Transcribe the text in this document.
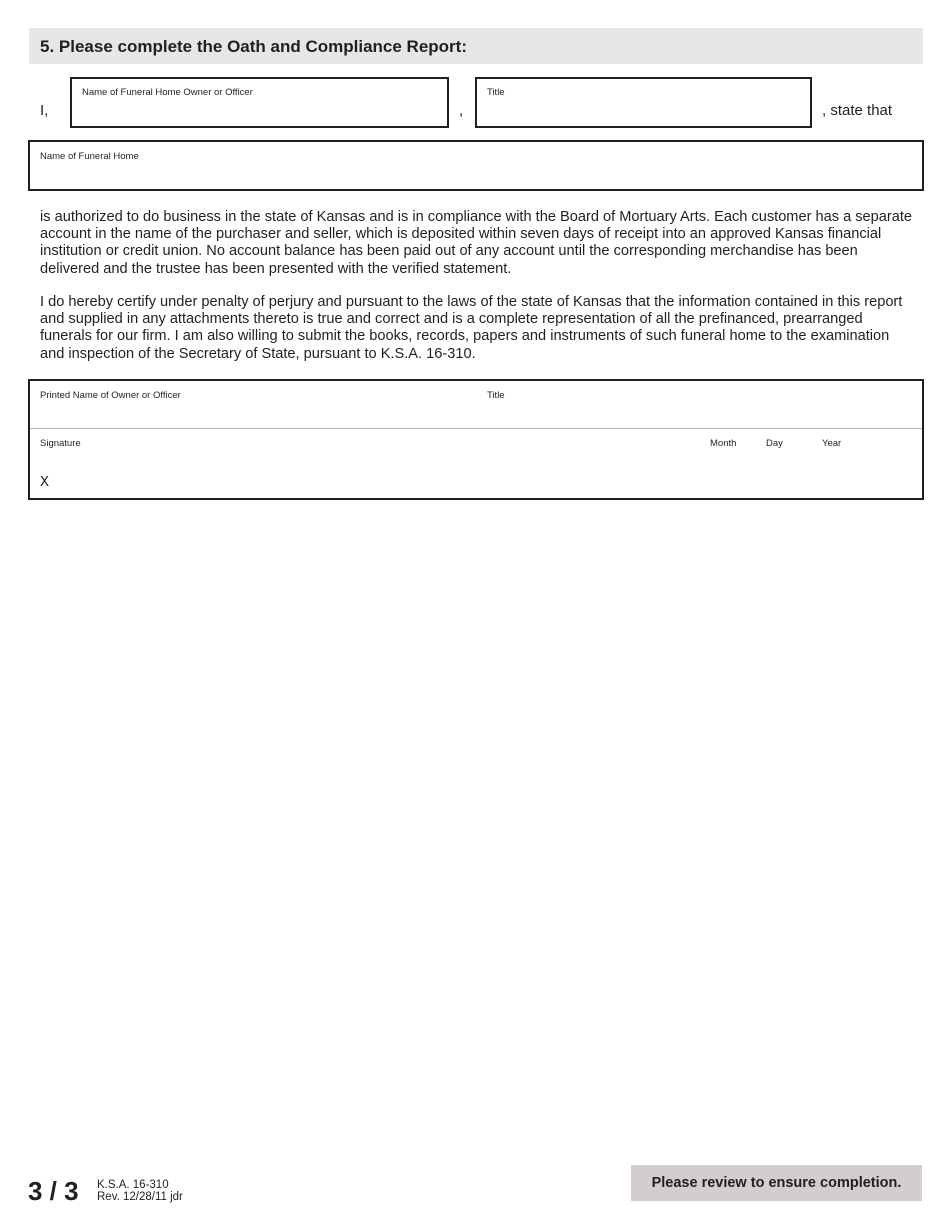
5. Please complete the Oath and Compliance Report:
I,
Name of Funeral Home Owner or Officer
,
Title
, state that
Name of Funeral Home

is authorized to do business in the state of Kansas and is in compliance with the Board of Mortuary Arts. Each customer has a separate account in the name of the purchaser and seller, which is deposited within seven days of receipt into an approved Kansas financial institution or credit union. No account balance has been paid out of any account until the corresponding merchandise has been delivered and the trustee has been presented with the verified statement.

I do hereby certify under penalty of perjury and pursuant to the laws of the state of Kansas that the information contained in this report and supplied in any attachments thereto is true and correct and is a complete representation of all the prefinanced, prearranged funerals for our firm. I am also willing to submit the books, records, papers and instruments of such funeral home to the examination and inspection of the Secretary of State, pursuant to K.S.A. 16-310.

Printed Name of Owner or Officer	Title
Signature
X
Month	Day	Year
3 / 3 K.S.A. 16-310
Rev. 12/28/11 jdr
Please review to ensure completion.
